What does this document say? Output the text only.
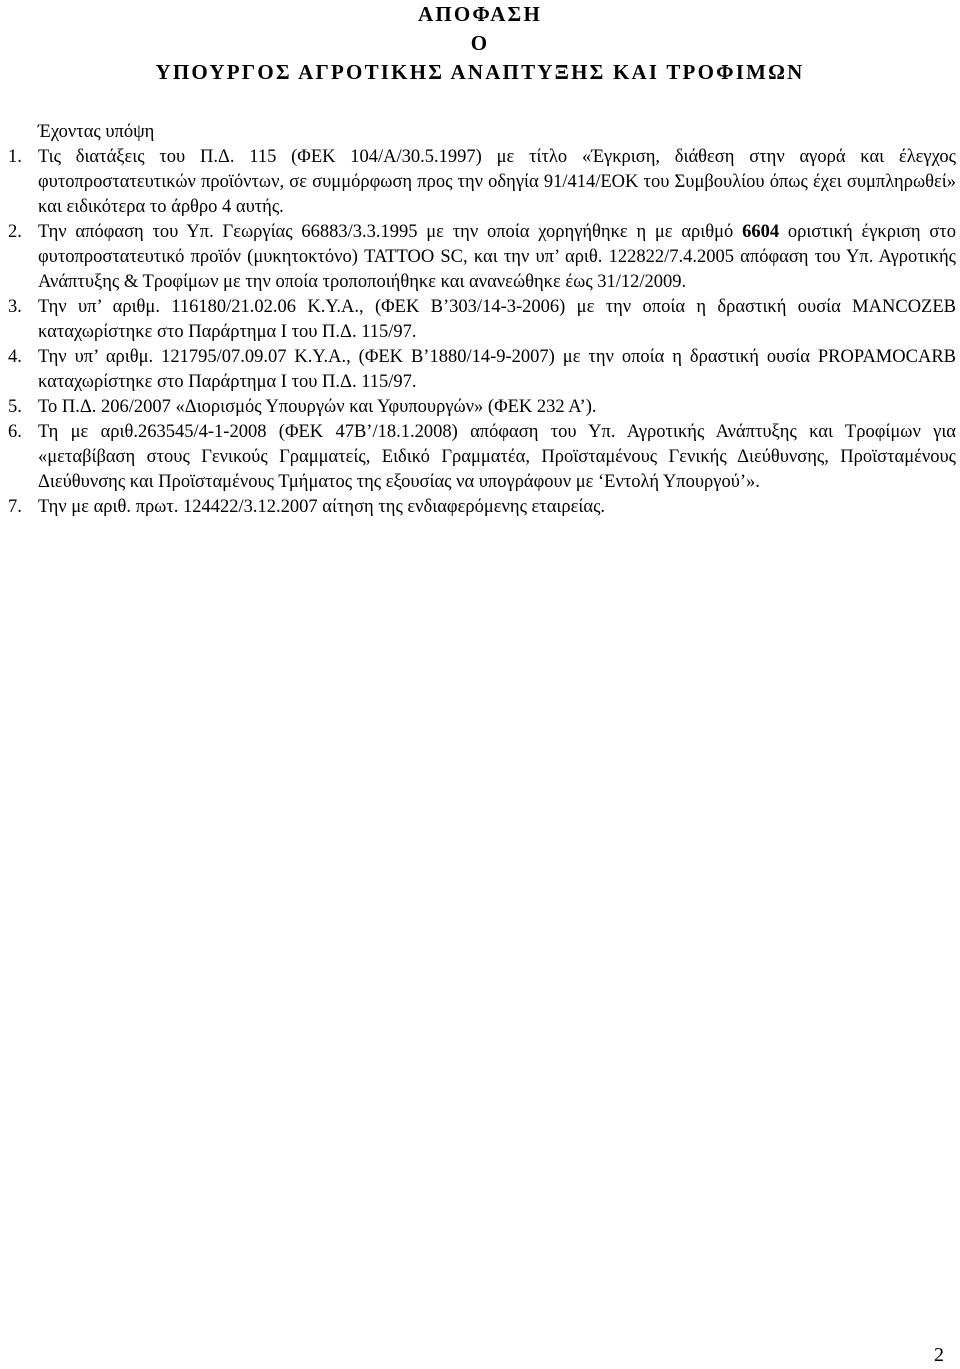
ΑΠΟΦΑΣΗ
Ο
ΥΠΟΥΡΓΟΣ ΑΓΡΟΤΙΚΗΣ ΑΝΑΠΤΥΞΗΣ ΚΑΙ ΤΡΟΦΙΜΩΝ

Έχοντας υπόψη

1. Τις διατάξεις του Π.Δ. 115 (ΦΕΚ 104/Α/30.5.1997) με τίτλο «Έγκριση, διάθεση στην αγορά και έλεγχος φυτοπροστατευτικών προϊόντων, σε συμμόρφωση προς την οδηγία 91/414/ΕΟΚ του Συμβουλίου όπως έχει συμπληρωθεί» και ειδικότερα το άρθρο 4 αυτής.
2. Την απόφαση του Υπ. Γεωργίας 66883/3.3.1995 με την οποία χορηγήθηκε η με αριθμό 6604 οριστική έγκριση στο φυτοπροστατευτικό προϊόν (μυκητοκτόνο) TATTOO SC, και την υπ’ αριθ. 122822/7.4.2005 απόφαση του Υπ. Αγροτικής Ανάπτυξης & Τροφίμων με την οποία τροποποιήθηκε και ανανεώθηκε έως 31/12/2009.
3. Την υπ’ αριθμ. 116180/21.02.06 Κ.Υ.Α., (ΦΕΚ Β’303/14-3-2006) με την οποία η δραστική ουσία MANCOZEB καταχωρίστηκε στο Παράρτημα Ι του Π.Δ. 115/97.
4. Την υπ’ αριθμ. 121795/07.09.07 Κ.Υ.Α., (ΦΕΚ Β’1880/14-9-2007) με την οποία η δραστική ουσία PROPAMOCARB καταχωρίστηκε στο Παράρτημα Ι του Π.Δ. 115/97.
5. Το Π.Δ. 206/2007 «Διορισμός Υπουργών και Υφυπουργών» (ΦΕΚ 232 Α’).
6. Τη με αριθ.263545/4-1-2008 (ΦΕΚ 47Β’/18.1.2008) απόφαση του Υπ. Αγροτικής Ανάπτυξης και Τροφίμων για «μεταβίβαση στους Γενικούς Γραμματείς, Ειδικό Γραμματέα, Προϊσταμένους Γενικής Διεύθυνσης, Προϊσταμένους Διεύθυνσης και Προϊσταμένους Τμήματος της εξουσίας να υπογράφουν με ‘Εντολή Υπουργού’».
7. Την με αριθ. πρωτ. 124422/3.12.2007 αίτηση της ενδιαφερόμενης εταιρείας.
2
